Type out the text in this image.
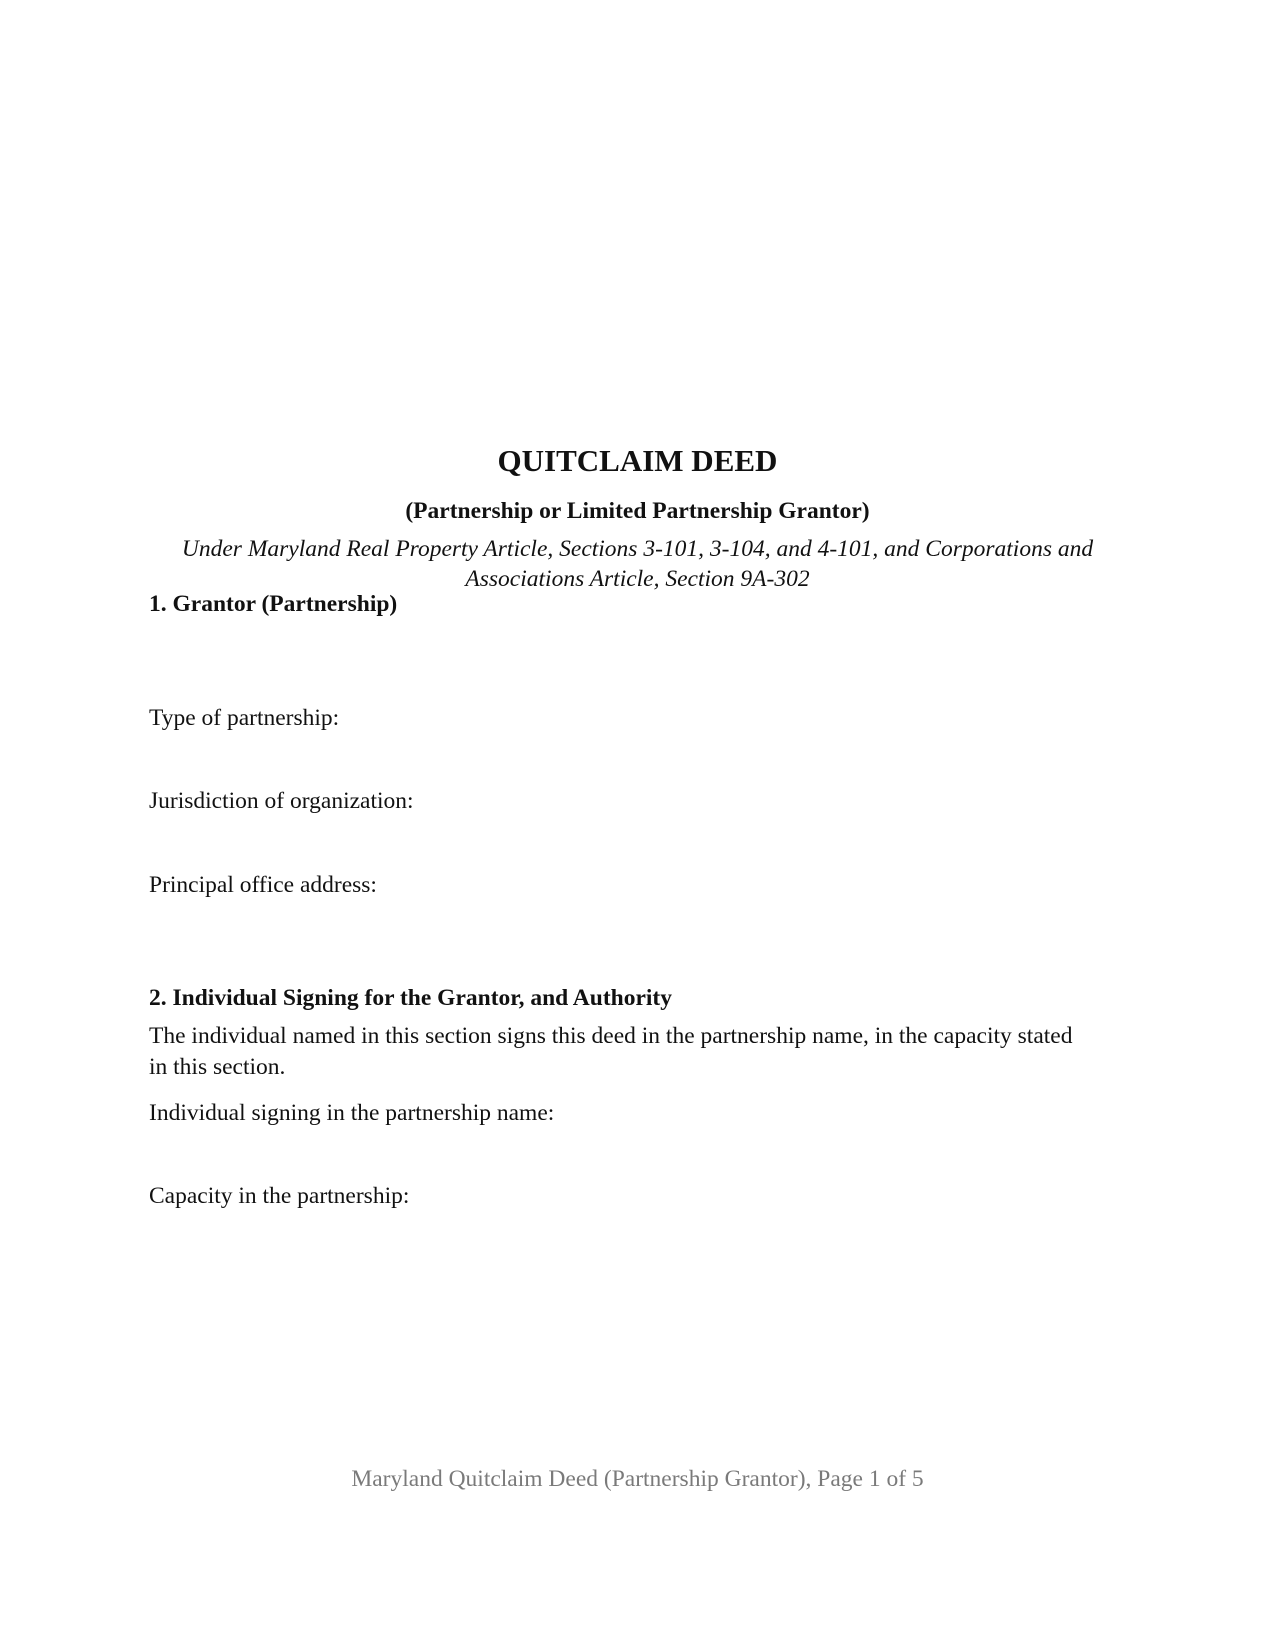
QUITCLAIM DEED
(Partnership or Limited Partnership Grantor)
Under Maryland Real Property Article, Sections 3-101, 3-104, and 4-101, and Corporations and Associations Article, Section 9A-302
1. Grantor (Partnership)
Type of partnership:
Jurisdiction of organization:
Principal office address:
2. Individual Signing for the Grantor, and Authority
The individual named in this section signs this deed in the partnership name, in the capacity stated in this section.
Individual signing in the partnership name:
Capacity in the partnership:
Maryland Quitclaim Deed (Partnership Grantor), Page 1 of 5
